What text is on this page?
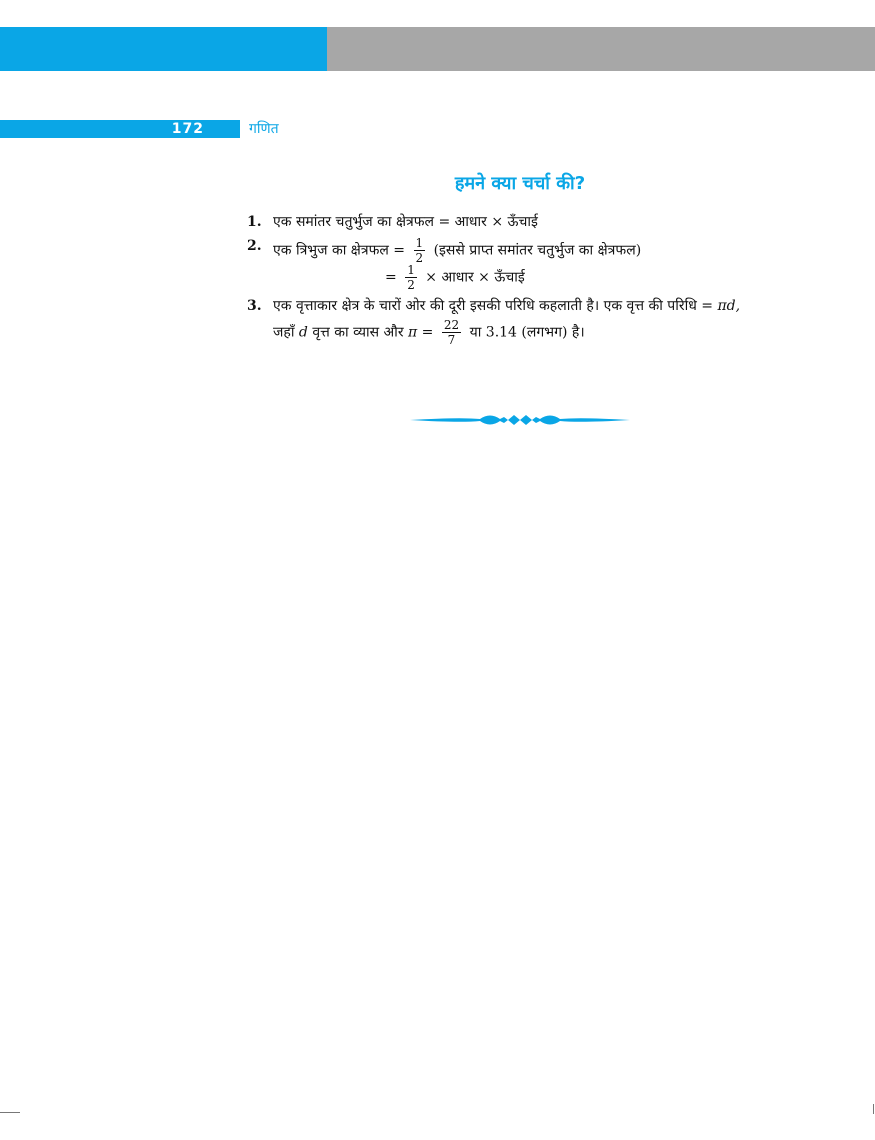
172	गणित
हमने क्या चर्चा की?
1. एक समांतर चतुर्भुज का क्षेत्रफल = आधार × ऊँचाई
2. एक त्रिभुज का क्षेत्रफल = $\frac{1}{2}$ (इससे प्राप्त समांतर चतुर्भुज का क्षेत्रफल)
= $\frac{1}{2}$ × आधार × ऊँचाई
3. एक वृत्ताकार क्षेत्र के चारों ओर की दूरी इसकी परिधि कहलाती है। एक वृत्त की परिधि = πd,
जहाँ d वृत्त का व्यास और $\pi = \frac{22}{7}$ या 3.14 (लगभग) है।
